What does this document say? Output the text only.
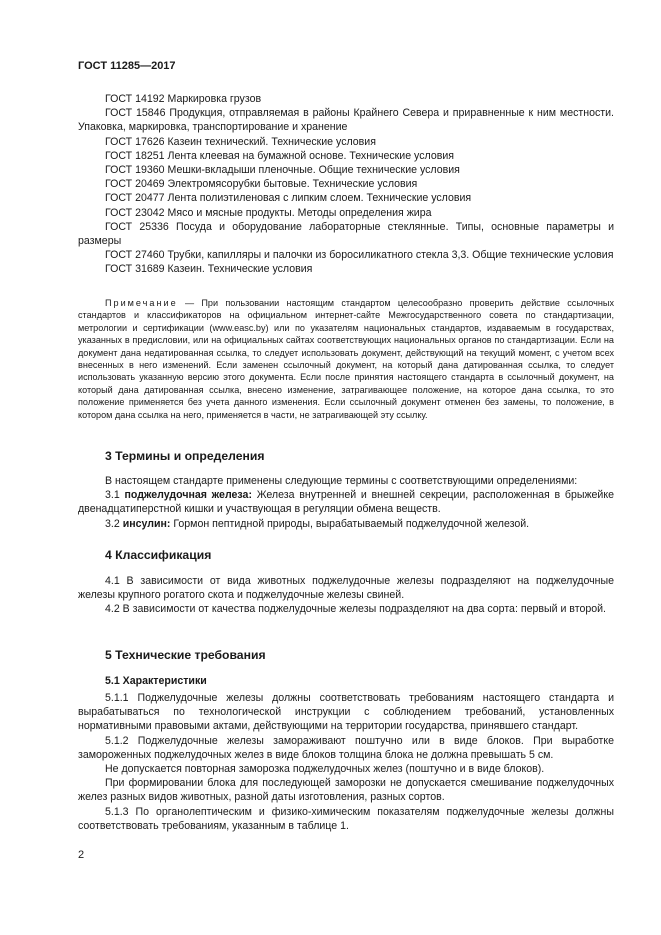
ГОСТ 11285—2017

ГОСТ 14192 Маркировка грузов

ГОСТ 15846 Продукция, отправляемая в районы Крайнего Севера и приравненные к ним местности. Упаковка, маркировка, транспортирование и хранение

ГОСТ 17626 Казеин технический. Технические условия

ГОСТ 18251 Лента клеевая на бумажной основе. Технические условия

ГОСТ 19360 Мешки-вкладыши пленочные. Общие технические условия

ГОСТ 20469 Электромясорубки бытовые. Технические условия

ГОСТ 20477 Лента полиэтиленовая с липким слоем. Технические условия

ГОСТ 23042 Мясо и мясные продукты. Методы определения жира

ГОСТ 25336 Посуда и оборудование лабораторные стеклянные. Типы, основные параметры и размеры

ГОСТ 27460 Трубки, капилляры и палочки из боросиликатного стекла 3,3. Общие технические условия

ГОСТ 31689 Казеин. Технические условия

Примечание — При пользовании настоящим стандартом целесообразно проверить действие ссылочных стандартов и классификаторов на официальном интернет-сайте Межгосударственного совета по стандартизации, метрологии и сертификации (www.easc.by) или по указателям национальных стандартов, издаваемым в государствах, указанных в предисловии, или на официальных сайтах соответствующих национальных органов по стандартизации. Если на документ дана недатированная ссылка, то следует использовать документ, действующий на текущий момент, с учетом всех внесенных в него изменений. Если заменен ссылочный документ, на который дана датированная ссылка, то следует использовать указанную версию этого документа. Если после принятия настоящего стандарта в ссылочный документ, на который дана датированная ссылка, внесено изменение, затрагивающее положение, на которое дана ссылка, то это положение применяется без учета данного изменения. Если ссылочный документ отменен без замены, то положение, в котором дана ссылка на него, применяется в части, не затрагивающей эту ссылку.

3 Термины и определения

В настоящем стандарте применены следующие термины с соответствующими определениями:

3.1 поджелудочная железа: Железа внутренней и внешней секреции, расположенная в брыжейке двенадцатиперстной кишки и участвующая в регуляции обмена веществ.

3.2 инсулин: Гормон пептидной природы, вырабатываемый поджелудочной железой.

4 Классификация

4.1 В зависимости от вида животных поджелудочные железы подразделяют на поджелудочные железы крупного рогатого скота и поджелудочные железы свиней.

4.2 В зависимости от качества поджелудочные железы подразделяют на два сорта: первый и второй.

5 Технические требования
5.1 Характеристики

5.1.1 Поджелудочные железы должны соответствовать требованиям настоящего стандарта и вырабатываться по технологической инструкции с соблюдением требований, установленных нормативными правовыми актами, действующими на территории государства, принявшего стандарт.

5.1.2 Поджелудочные железы замораживают поштучно или в виде блоков. При выработке замороженных поджелудочных желез в виде блоков толщина блока не должна превышать 5 см.

Не допускается повторная заморозка поджелудочных желез (поштучно и в виде блоков).

При формировании блока для последующей заморозки не допускается смешивание поджелудочных желез разных видов животных, разной даты изготовления, разных сортов.

5.1.3 По органолептическим и физико-химическим показателям поджелудочные железы должны соответствовать требованиям, указанным в таблице 1.

2
